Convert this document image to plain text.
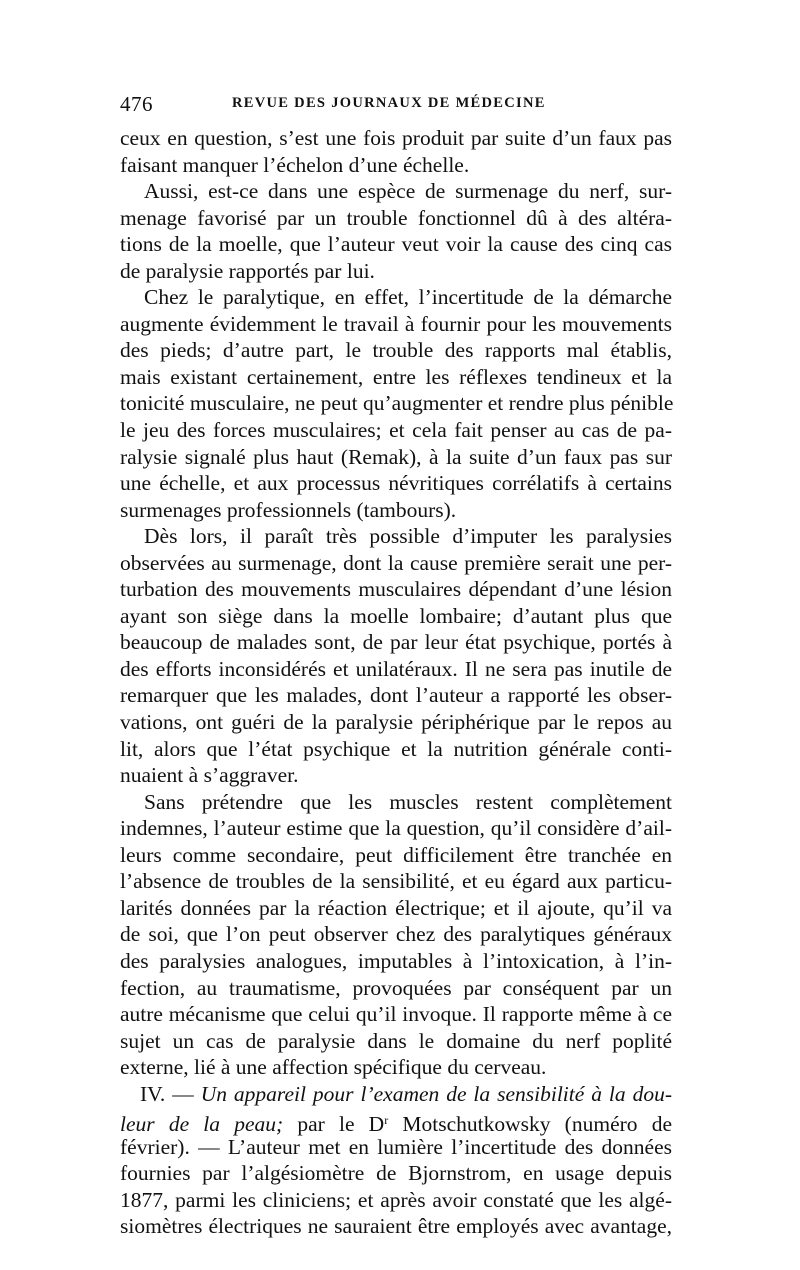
476	REVUE DES JOURNAUX DE MÉDECINE
ceux en question, s’est une fois produit par suite d’un faux pas
faisant manquer l’échelon d’une échelle.
Aussi, est-ce dans une espèce de surmenage du nerf, sur-
menage favorisé par un trouble fonctionnel dû à des altéra-
tions de la moelle, que l’auteur veut voir la cause des cinq cas
de paralysie rapportés par lui.
Chez le paralytique, en effet, l’incertitude de la démarche
augmente évidemment le travail à fournir pour les mouvements
des pieds; d’autre part, le trouble des rapports mal établis,
mais existant certainement, entre les réflexes tendineux et la
tonicité musculaire, ne peut qu’augmenter et rendre plus pénible
le jeu des forces musculaires; et cela fait penser au cas de pa-
ralysie signalé plus haut (Remak), à la suite d’un faux pas sur
une échelle, et aux processus névritiques corrélatifs à certains
surmenages professionnels (tambours).
Dès lors, il paraît très possible d’imputer les paralysies
observées au surmenage, dont la cause première serait une per-
turbation des mouvements musculaires dépendant d’une lésion
ayant son siège dans la moelle lombaire; d’autant plus que
beaucoup de malades sont, de par leur état psychique, portés à
des efforts inconsidérés et unilatéraux. Il ne sera pas inutile de
remarquer que les malades, dont l’auteur a rapporté les obser-
vations, ont guéri de la paralysie périphérique par le repos au
lit, alors que l’état psychique et la nutrition générale conti-
nuaient à s’aggraver.
Sans prétendre que les muscles restent complètement
indemnes, l’auteur estime que la question, qu’il considère d’ail-
leurs comme secondaire, peut difficilement être tranchée en
l’absence de troubles de la sensibilité, et eu égard aux particu-
larités données par la réaction électrique; et il ajoute, qu’il va
de soi, que l’on peut observer chez des paralytiques généraux
des paralysies analogues, imputables à l’intoxication, à l’in-
fection, au traumatisme, provoquées par conséquent par un
autre mécanisme que celui qu’il invoque. Il rapporte même à ce
sujet un cas de paralysie dans le domaine du nerf poplité
externe, lié à une affection spécifique du cerveau.
IV. — Un appareil pour l’examen de la sensibilité à la dou-
leur de la peau; par le $D^r$ Motschutkowsky (numéro de
février). — L’auteur met en lumière l’incertitude des données
fournies par l’algésiomètre de Bjornstrom, en usage depuis
1877, parmi les cliniciens; et après avoir constaté que les algé-
siomètres électriques ne sauraient être employés avec avantage,
